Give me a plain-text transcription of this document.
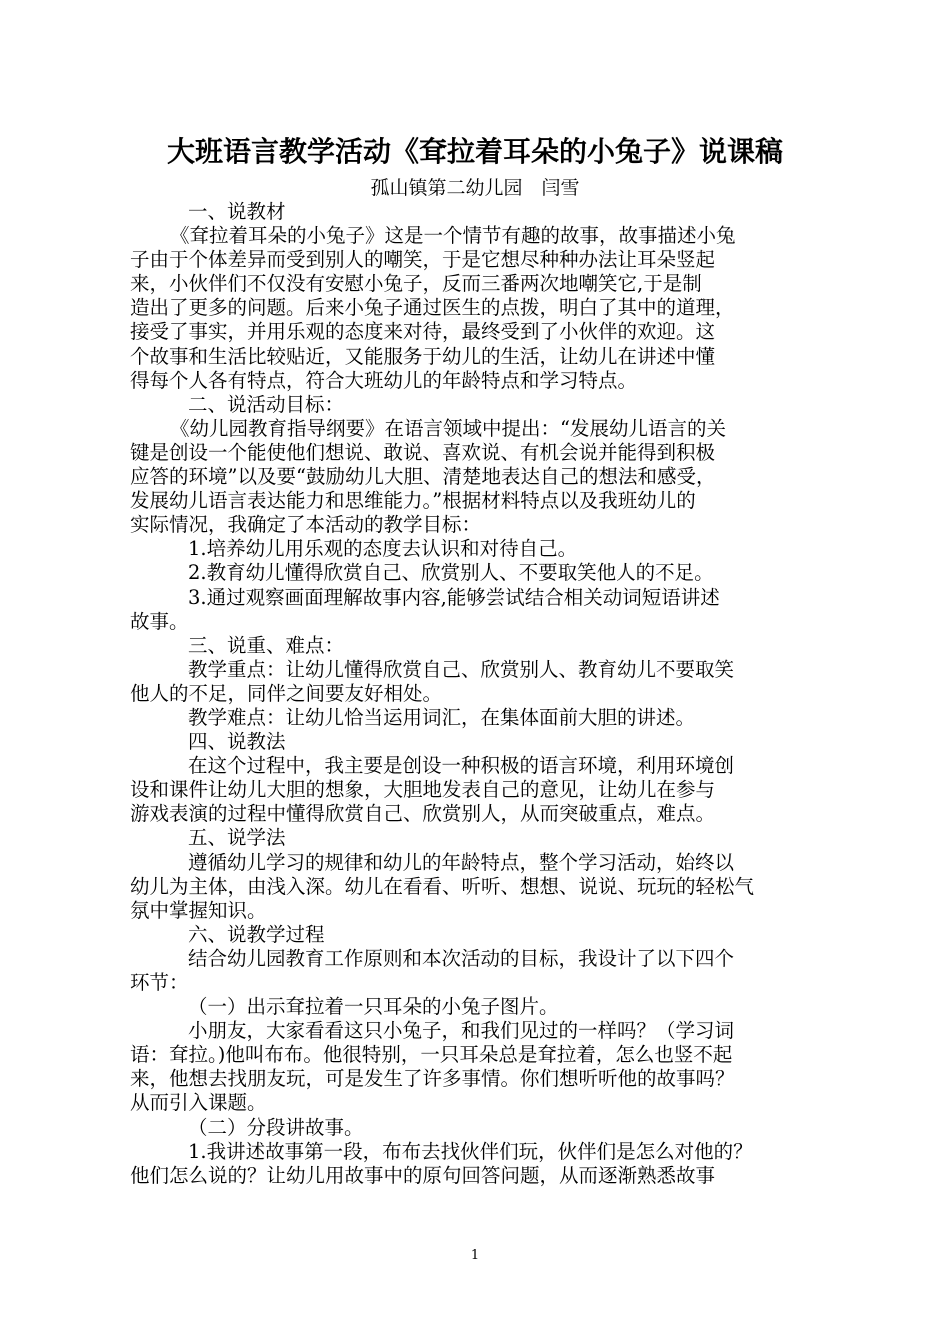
大班语言教学活动《耷拉着耳朵的小兔子》说课稿
孤山镇第二幼儿园　闫雪
一、说教材
《耷拉着耳朵的小兔子》这是一个情节有趣的故事，故事描述小兔
子由于个体差异而受到别人的嘲笑，于是它想尽种种办法让耳朵竖起
来，小伙伴们不仅没有安慰小兔子，反而三番两次地嘲笑它,于是制
造出了更多的问题。后来小兔子通过医生的点拨，明白了其中的道理，
接受了事实，并用乐观的态度来对待，最终受到了小伙伴的欢迎。这
个故事和生活比较贴近，又能服务于幼儿的生活，让幼儿在讲述中懂
得每个人各有特点，符合大班幼儿的年龄特点和学习特点。
二、说活动目标：
《幼儿园教育指导纲要》在语言领域中提出：“发展幼儿语言的关
键是创设一个能使他们想说、敢说、喜欢说、有机会说并能得到积极
应答的环境”以及要“鼓励幼儿大胆、清楚地表达自己的想法和感受，
发展幼儿语言表达能力和思维能力。”根据材料特点以及我班幼儿的
实际情况，我确定了本活动的教学目标：
1.培养幼儿用乐观的态度去认识和对待自己。
2.教育幼儿懂得欣赏自己、欣赏别人、不要取笑他人的不足。
3.通过观察画面理解故事内容,能够尝试结合相关动词短语讲述
故事。
三、说重、难点：
教学重点：让幼儿懂得欣赏自己、欣赏别人、教育幼儿不要取笑
他人的不足，同伴之间要友好相处。
教学难点：让幼儿恰当运用词汇，在集体面前大胆的讲述。
四、说教法
在这个过程中，我主要是创设一种积极的语言环境，利用环境创
设和课件让幼儿大胆的想象，大胆地发表自己的意见，让幼儿在参与
游戏表演的过程中懂得欣赏自己、欣赏别人，从而突破重点，难点。
五、说学法
遵循幼儿学习的规律和幼儿的年龄特点，整个学习活动，始终以
幼儿为主体，由浅入深。幼儿在看看、听听、想想、说说、玩玩的轻松气
氛中掌握知识。
六、说教学过程
结合幼儿园教育工作原则和本次活动的目标，我设计了以下四个
环节：
（一）出示耷拉着一只耳朵的小兔子图片。
小朋友，大家看看这只小兔子，和我们见过的一样吗？（学习词
语：耷拉。)他叫布布。他很特别，一只耳朵总是耷拉着，怎么也竖不起
来，他想去找朋友玩，可是发生了许多事情。你们想听听他的故事吗？
从而引入课题。
（二）分段讲故事。
1.我讲述故事第一段，布布去找伙伴们玩，伙伴们是怎么对他的？
他们怎么说的？让幼儿用故事中的原句回答问题，从而逐渐熟悉故事
1
